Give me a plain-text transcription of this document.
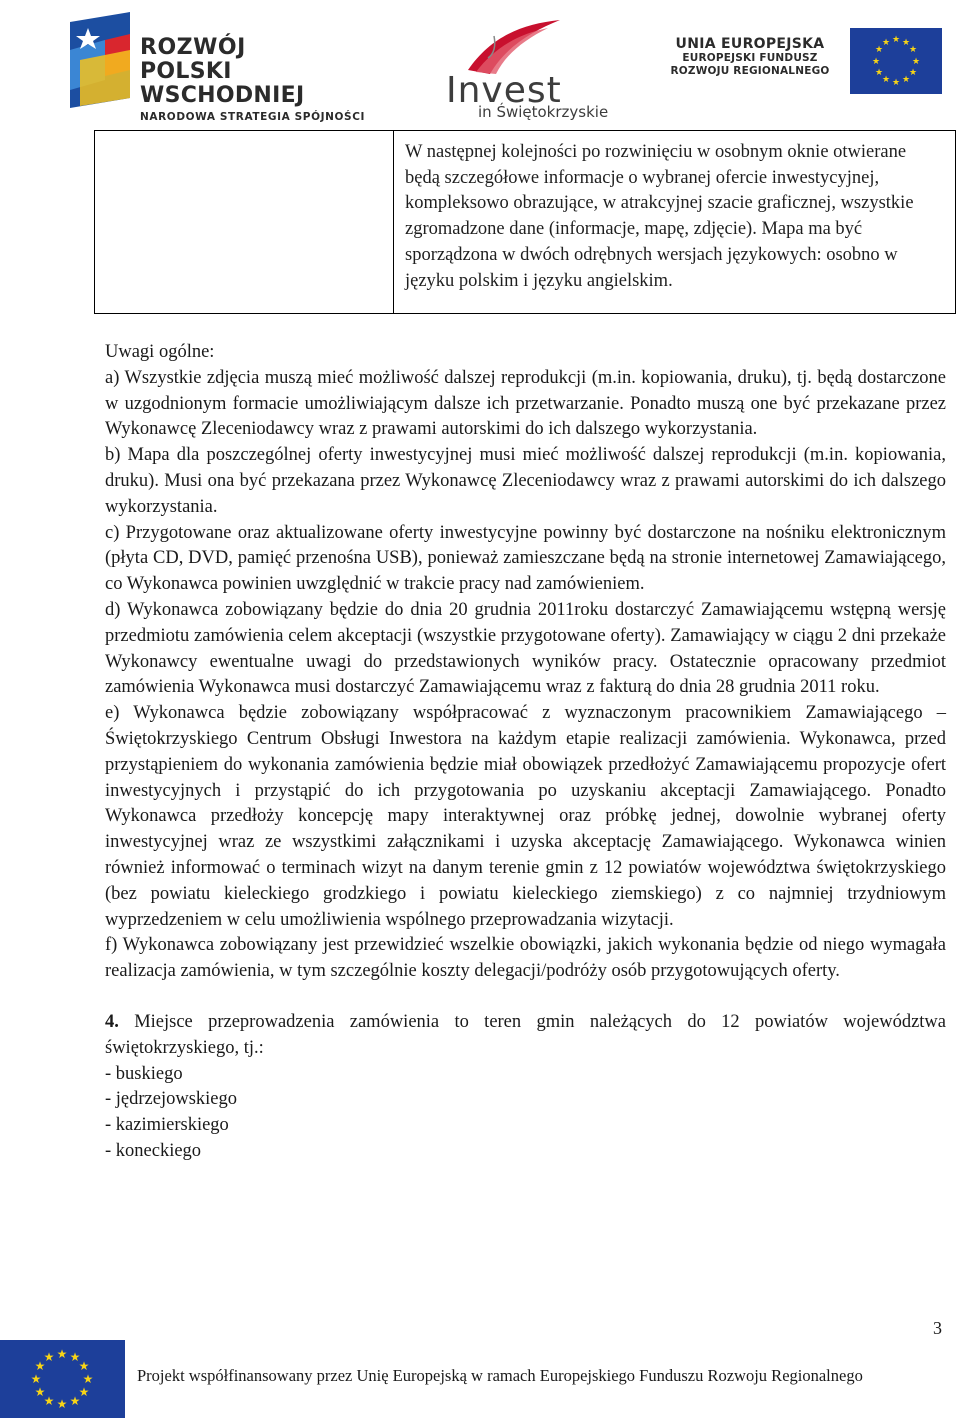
ROZWÓJ
POLSKI WSCHODNIEJ
NARODOWA STRATEGIA SPÓJNOŚCI
Invest
in Świętokrzyskie
UNIA EUROPEJSKA
EUROPEJSKI FUNDUSZ
ROZWOJU REGIONALNEGO
★ ★
★
★
★
★
★
★
★
★
★
★
W następnej kolejności po rozwinięciu w osobnym oknie otwierane będą szczegółowe informacje o wybranej ofercie inwestycyjnej, kompleksowo obrazujące, w atrakcyjnej szacie graficznej, wszystkie zgromadzone dane (informacje, mapę, zdjęcie). Mapa ma być sporządzona w dwóch odrębnych wersjach językowych: osobno w języku polskim i języku angielskim.

Uwagi ogólne:

a) Wszystkie zdjęcia muszą mieć możliwość dalszej reprodukcji (m.in. kopiowania, druku), tj. będą dostarczone w uzgodnionym formacie umożliwiającym dalsze ich przetwarzanie. Ponadto muszą one być przekazane przez Wykonawcę Zleceniodawcy wraz z prawami autorskimi do ich dalszego wykorzystania.

b) Mapa dla poszczególnej oferty inwestycyjnej musi mieć możliwość dalszej reprodukcji (m.in. kopiowania, druku). Musi ona być przekazana przez Wykonawcę Zleceniodawcy wraz z prawami autorskimi do ich dalszego wykorzystania.

c) Przygotowane oraz aktualizowane oferty inwestycyjne powinny być dostarczone na nośniku elektronicznym (płyta CD, DVD, pamięć przenośna USB), ponieważ zamieszczane będą na stronie internetowej Zamawiającego, co Wykonawca powinien uwzględnić w trakcie pracy nad zamówieniem.

d) Wykonawca zobowiązany będzie do dnia 20 grudnia 2011roku dostarczyć Zamawiającemu wstępną wersję przedmiotu zamówienia celem akceptacji (wszystkie przygotowane oferty). Zamawiający w ciągu 2 dni przekaże Wykonawcy ewentualne uwagi do przedstawionych wyników pracy. Ostatecznie opracowany przedmiot zamówienia Wykonawca musi dostarczyć Zamawiającemu wraz z fakturą do dnia 28 grudnia 2011 roku.

e) Wykonawca będzie zobowiązany współpracować z wyznaczonym pracownikiem Zamawiającego – Świętokrzyskiego Centrum Obsługi Inwestora na każdym etapie realizacji zamówienia. Wykonawca, przed przystąpieniem do wykonania zamówienia będzie miał obowiązek przedłożyć Zamawiającemu propozycje ofert inwestycyjnych i przystąpić do ich przygotowania po uzyskaniu akceptacji Zamawiającego. Ponadto Wykonawca przedłoży koncepcję mapy interaktywnej oraz próbkę jednej, dowolnie wybranej oferty inwestycyjnej wraz ze wszystkimi załącznikami i uzyska akceptację Zamawiającego. Wykonawca winien również informować o terminach wizyt na danym terenie gmin z 12 powiatów województwa świętokrzyskiego (bez powiatu kieleckiego grodzkiego i powiatu kieleckiego ziemskiego) z co najmniej trzydniowym wyprzedzeniem w celu umożliwienia wspólnego przeprowadzania wizytacji.

f) Wykonawca zobowiązany jest przewidzieć wszelkie obowiązki, jakich wykonania będzie od niego wymagała realizacja zamówienia, w tym szczególnie koszty delegacji/podróży osób przygotowujących oferty.

4. Miejsce przeprowadzenia zamówienia to teren gmin należących do 12 powiatów województwa świętokrzyskiego, tj.:

- buskiego

- jędrzejowskiego

- kazimierskiego

- koneckiego

3
★ ★
★
★
★
★
★
★
★
★
★
★
Projekt współfinansowany przez Unię Europejską w ramach Europejskiego Funduszu Rozwoju Regionalnego
